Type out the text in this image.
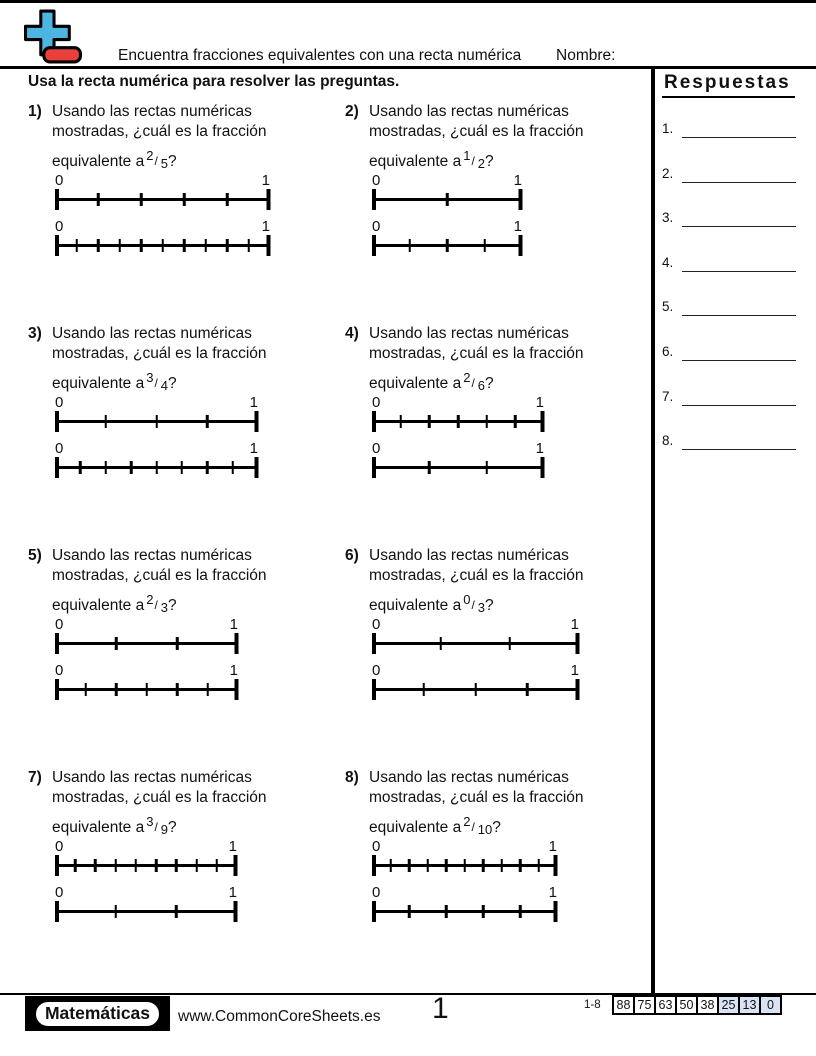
Encuentra fracciones equivalentes con una recta numérica Nombre:
Usa la recta numérica para resolver las preguntas.	Respuestas
1.
2.
3.
4.
5.
6.
7.
8.
1) Usando las rectas numéricas
mostradas, ¿cuál es la fracción
equivalente a $^2$/ $_5$?
0	1
0	1
2) Usando las rectas numéricas
mostradas, ¿cuál es la fracción
equivalente a $^1$/ $_2$?
0	1
0	1
3) Usando las rectas numéricas
mostradas, ¿cuál es la fracción
equivalente a $^3$/ $_4$?
0	1
0	1
4) Usando las rectas numéricas
mostradas, ¿cuál es la fracción
equivalente a $^2$/ $_6$?
0	1
0	1
5) Usando las rectas numéricas
mostradas, ¿cuál es la fracción
equivalente a $^2$/ $_3$?
0	1
0	1
6) Usando las rectas numéricas
mostradas, ¿cuál es la fracción
equivalente a $^0$/ $_3$?
0	1
0	1
7) Usando las rectas numéricas
mostradas, ¿cuál es la fracción
equivalente a $^3$/ $_9$?
0	1
0	1
8) Usando las rectas numéricas
mostradas, ¿cuál es la fracción
equivalente a $^2$/ $_{10}$?
0	1
0	1
Matemáticas	www.CommonCoreSheets.es 1	1-8	88 75 63 50 38 25 13 0
